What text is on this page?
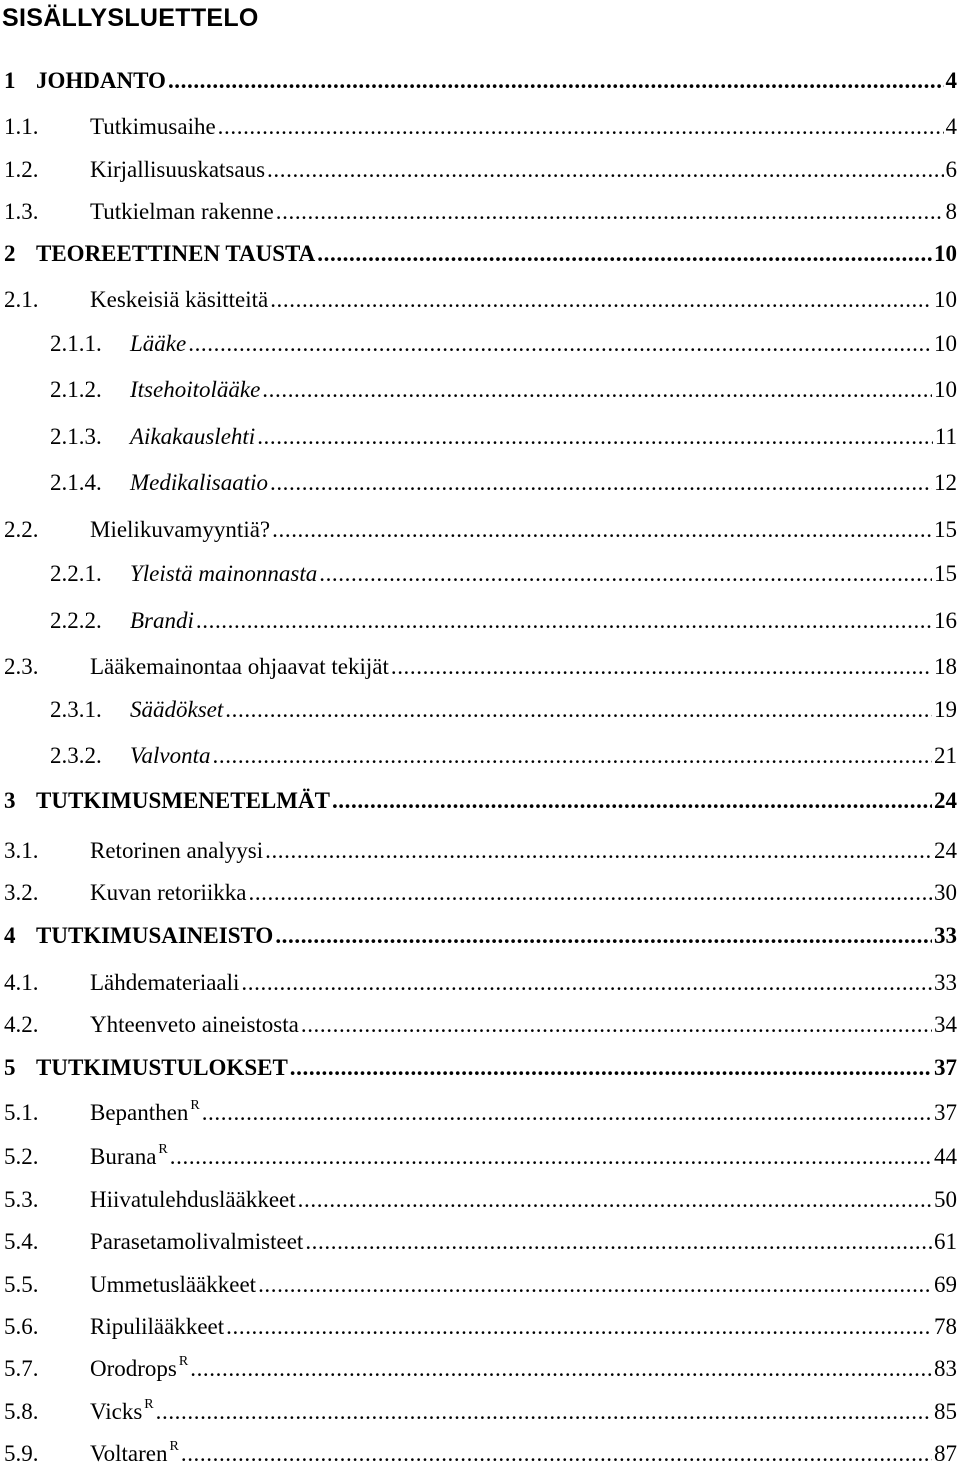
SISÄLLYSLUETTELO
1 JOHDANTO .....	4
1.1.	Tutkimusaihe .....	4
1.2.	Kirjallisuuskatsaus .....	6
1.3.	Tutkielman rakenne .....	8
2 TEOREETTINEN TAUSTA .....	10
2.1.	Keskeisiä käsitteitä .....	10
2.1.1.	Lääke .....	10
2.1.2.	Itsehoitolääke .....	10
2.1.3.	Aikakauslehti .....	11
2.1.4.	Medikalisaatio .....	12
2.2.	Mielikuvamyyntiä? .....	15
2.2.1.	Yleistä mainonnasta .....	15
2.2.2.	Brandi .....	16
2.3.	Lääkemainontaa ohjaavat tekijät .....	18
2.3.1.	Säädökset .....	19
2.3.2.	Valvonta .....	21
3 TUTKIMUSMENETELMÄT .....	24
3.1.	Retorinen analyysi .....	24
3.2.	Kuvan retoriikka .....	30
4 TUTKIMUSAINEISTO .....	33
4.1.	Lähdemateriaali .....	33
4.2.	Yhteenveto aineistosta .....	34
5 TUTKIMUSTULOKSET .....	37
5.1.	Bepanthen $^R$ .....	37
5.2.	Burana $^R$ .....	44
5.3.	Hiivatulehduslääkkeet .....	50
5.4.	Parasetamolivalmisteet .....	61
5.5.	Ummetuslääkkeet .....	69
5.6.	Ripulilääkkeet .....	78
5.7.	Orodrops $^R$ .....	83
5.8.	Vicks $^R$ .....	85
5.9.	Voltaren $^R$ .....	87
